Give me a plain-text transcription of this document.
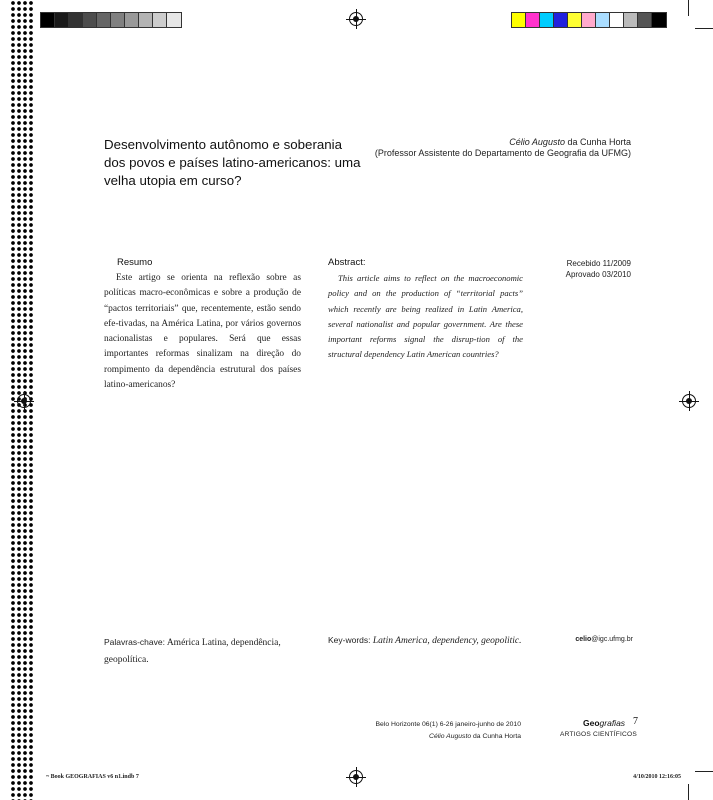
Desenvolvimento autônomo e soberania dos povos e países latino-americanos: uma velha utopia em curso?
Célio Augusto da Cunha Horta
(Professor Assistente do Departamento de Geografia da UFMG)
Resumo
Este artigo se orienta na reflexão sobre as políticas macro-econômicas e sobre a produção de “pactos territoriais” que, recentemente, estão sendo efe-tivadas, na América Latina, por vários governos nacionalistas e populares. Será que essas importantes reformas sinalizam na direção do rompimento da dependência estrutural dos países latino-americanos?
Abstract:
This article aims to reflect on the macroeconomic policy and on the production of “territorial pacts” which recently are being realized in Latin America, several nationalist and popular government. Are these important reforms signal the disrup-tion of the structural dependency Latin American countries?
Recebido 11/2009
Aprovado 03/2010
Palavras-chave: América Latina, dependência, geopolítica.
Key-words: Latin America, dependency, geopolitic.	celio@igc.ufmg.br
Belo Horizonte 06(1) 6-26 janeiro-junho de 2010
Célio Augusto da Cunha Horta
Geografias 7
ARTIGOS CIENTÍFICOS
~ Book GEOGRAFIAS v6 n1.indb 7	4/10/2010 12:16:05
